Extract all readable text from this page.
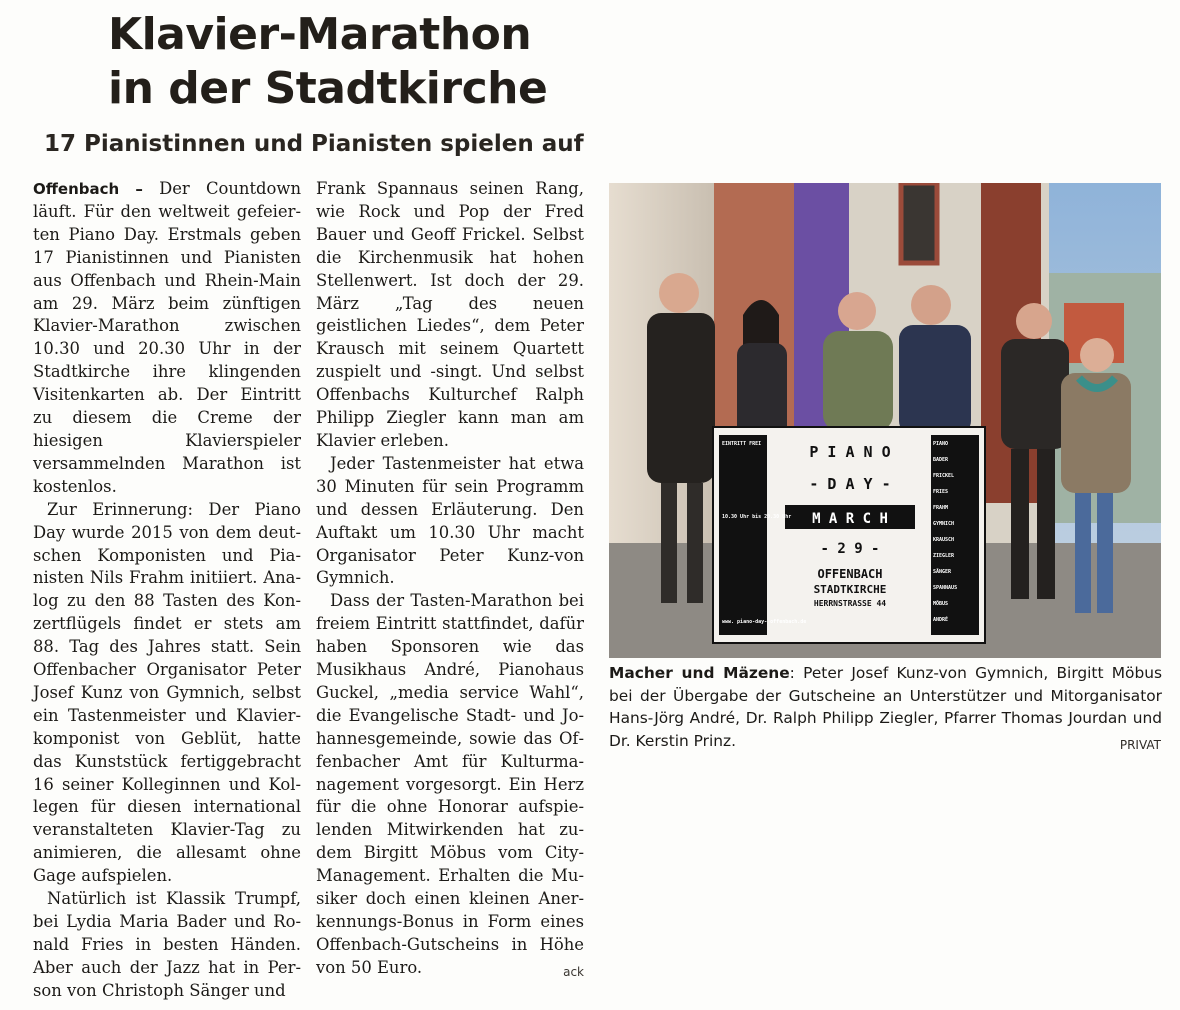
Klavier-Marathon
in der Stadtkirche
17 Pianistinnen und Pianisten spielen auf

Offenbach – Der Countdown läuft. Für den weltweit gefeierten Piano Day. Erstmals geben 17 Pianistinnen und Pianisten aus Offenbach und Rhein-Main am 29. März beim zünftigen Klavier-Marathon zwischen 10.30 und 20.30 Uhr in der Stadtkirche ihre klingenden Visitenkarten ab. Der Eintritt zu diesem die Creme der hiesigen Klavierspieler versammelnden Marathon ist kostenlos.

Zur Erinnerung: Der Piano Day wurde 2015 von dem deutschen Komponisten und Pianisten Nils Frahm initiiert. Analog zu den 88 Tasten des Konzertflügels findet er stets am 88. Tag des Jahres statt. Sein Offenbacher Organisator Peter Josef Kunz von Gymnich, selbst ein Tastenmeister und Klavierkomponist von Geblüt, hatte das Kunststück fertiggebracht 16 seiner Kolleginnen und Kollegen für diesen international veranstalteten Klavier-Tag zu animieren, die allesamt ohne Gage aufspielen.

Natürlich ist Klassik Trumpf, bei Lydia Maria Bader und Ronald Fries in besten Händen. Aber auch der Jazz hat in Person von Christoph Sänger und

Frank Spannaus seinen Rang, wie Rock und Pop der Fred Bauer und Geoff Frickel. Selbst die Kirchenmusik hat hohen Stellenwert. Ist doch der 29. März „Tag des neuen geistlichen Liedes“, dem Peter Krausch mit seinem Quartett zuspielt und -singt. Und selbst Offenbachs Kulturchef Ralph Philipp Ziegler kann man am Klavier erleben.

Jeder Tastenmeister hat etwa 30 Minuten für sein Programm und dessen Erläuterung. Den Auftakt um 10.30 Uhr macht Organisator Peter Kunz-von Gymnich.

Dass der Tasten-Marathon bei freiem Eintritt stattfindet, dafür haben Sponsoren wie das Musikhaus André, Pianohaus Guckel, „media service Wahl“, die Evangelische Stadt- und Johannesgemeinde, sowie das Offenbacher Amt für Kulturmanagement vorgesorgt. Ein Herz für die ohne Honorar aufspielenden Mitwirkenden hat zudem Birgitt Möbus vom City-Management. Erhalten die Musiker doch einen kleinen Anerkennungs-Bonus in Form eines Offenbach-Gutscheins in Höhe von 50 Euro.	ack

P I A N O
- D A Y -
M A R C H
- 2 9 -
OFFENBACH
STADTKIRCHE
HERRNSTRASSE 44
EINTRITT FREI
10.30 Uhr bis 20.30 Uhr
www. piano-day- offenbach.de
PIANO
BADER
FRICKEL
FRIES
FRAHM
GYMNICH
KRAUSCH
ZIEGLER
SÄNGER
SPANNAUS
MÖBUS
ANDRÉ
Macher und Mäzene: Peter Josef Kunz-von Gymnich, Birgitt Möbus bei der Übergabe der Gutscheine an Unterstützer und Mitorganisator Hans-Jörg André, Dr. Ralph Philipp Ziegler, Pfarrer Thomas Jourdan und Dr. Kerstin Prinz.	PRIVAT
